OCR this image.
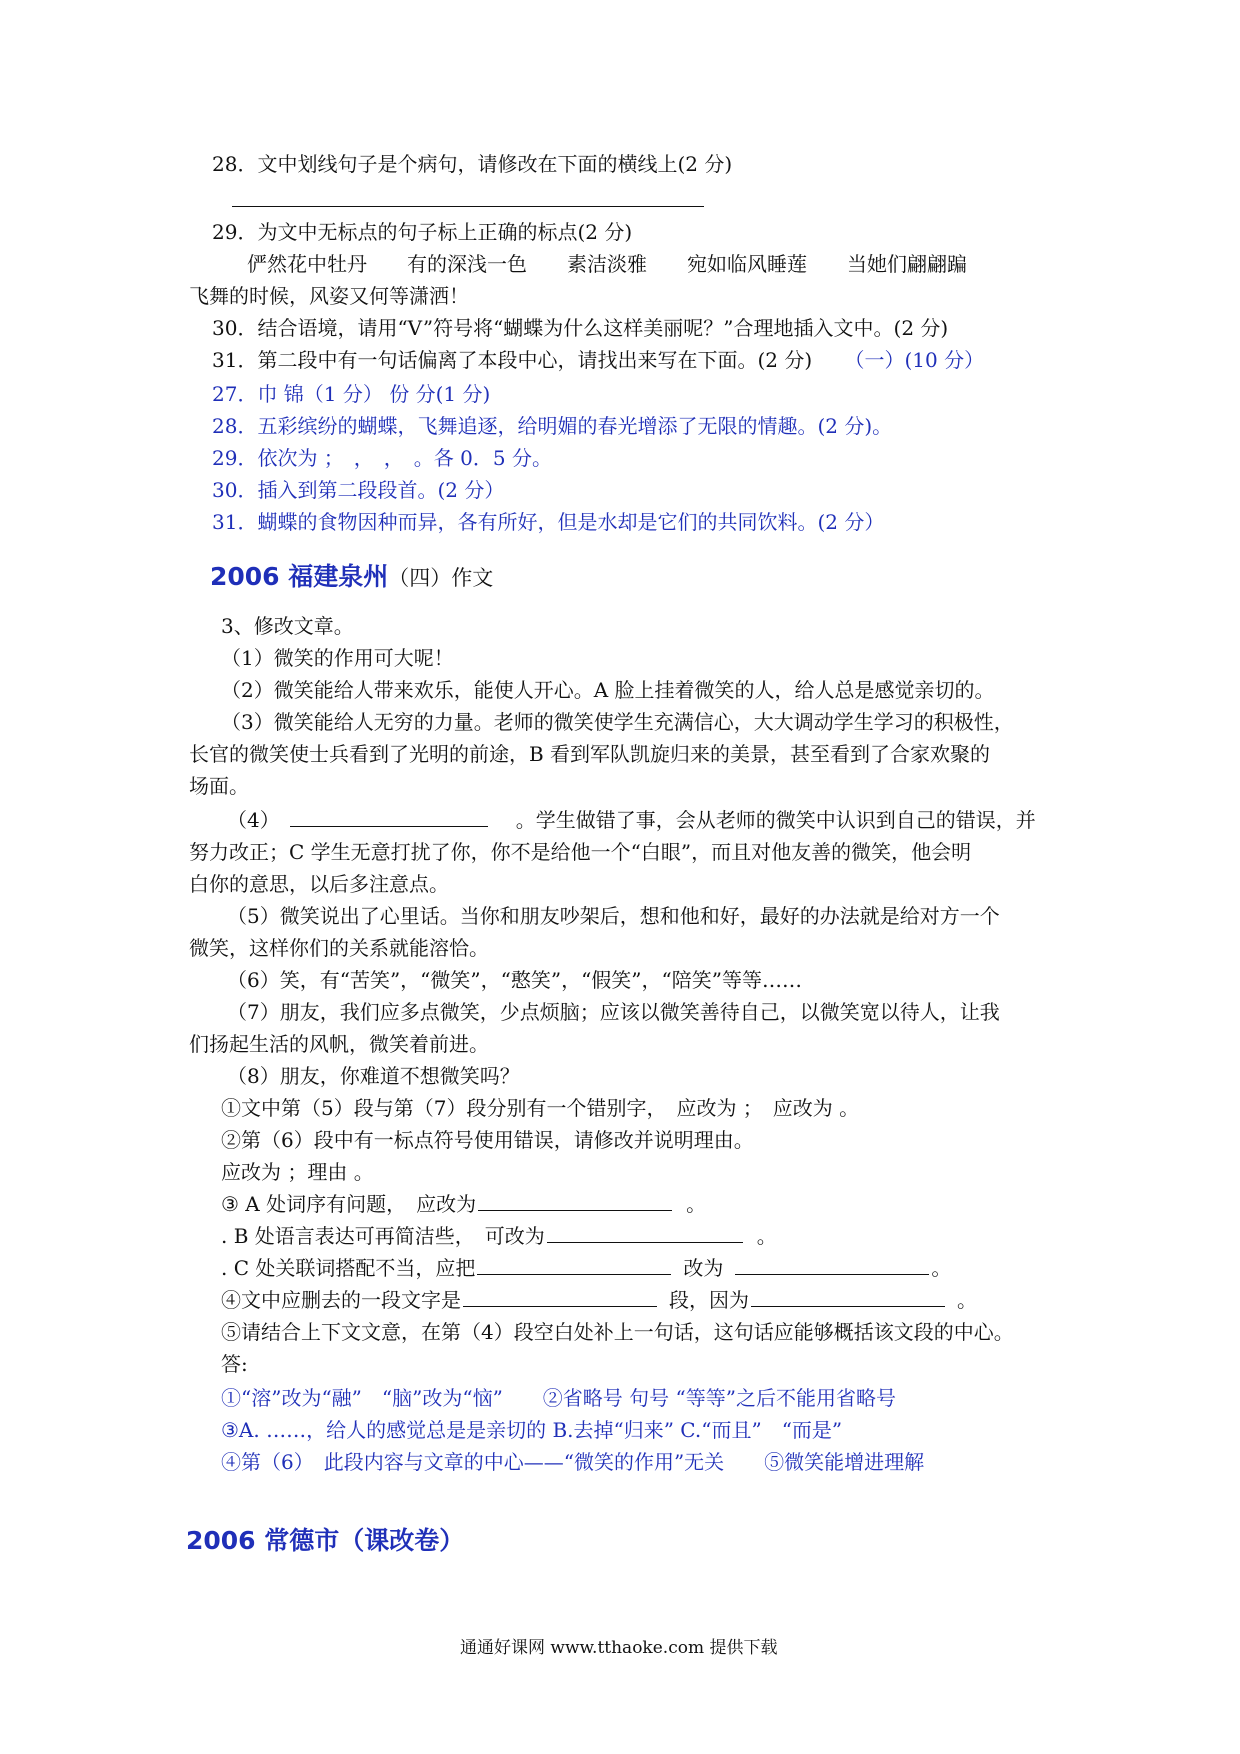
28．文中划线句子是个病句，请修改在下面的横线上(2 分)
29．为文中无标点的句子标上正确的标点(2 分)
俨然花中牡丹　　有的深浅一色　　素洁淡雅　　宛如临风睡莲　　当她们翩翩蹁
飞舞的时候，风姿又何等潇洒！
30．结合语境，请用“V”符号将“蝴蝶为什么这样美丽呢？”合理地插入文中。(2 分)
31．第二段中有一句话偏离了本段中心，请找出来写在下面。(2 分) （一）(10 分）
27．巾 锦（1 分） 份 分(1 分)
28．五彩缤纷的蝴蝶，飞舞追逐，给明媚的春光增添了无限的情趣。(2 分)。
29．依次为 ；　，　，　。各 0．5 分。
30．插入到第二段段首。(2 分）
31．蝴蝶的食物因种而异，各有所好，但是水却是它们的共同饮料。(2 分）
2006 福建泉州（四）作文
3、修改文章。
（1）微笑的作用可大呢！
（2）微笑能给人带来欢乐，能使人开心。A 脸上挂着微笑的人，给人总是感觉亲切的。
（3）微笑能给人无穷的力量。老师的微笑使学生充满信心，大大调动学生学习的积极性，
长官的微笑使士兵看到了光明的前途，B 看到军队凯旋归来的美景，甚至看到了合家欢聚的
场面。
（4）	。学生做错了事，会从老师的微笑中认识到自己的错误，并
努力改正；C 学生无意打扰了你，你不是给他一个“白眼”，而且对他友善的微笑，他会明
白你的意思，以后多注意点。
（5）微笑说出了心里话。当你和朋友吵架后，想和他和好，最好的办法就是给对方一个
微笑，这样你们的关系就能溶恰。
（6）笑，有“苦笑”，“微笑”，“憨笑”，“假笑”，“陪笑”等等……
（7）朋友，我们应多点微笑，少点烦脑；应该以微笑善待自己，以微笑宽以待人，让我
们扬起生活的风帆，微笑着前进。
（8）朋友，你难道不想微笑吗？
①文中第（5）段与第（7）段分别有一个错别字，　应改为 ；　应改为 。
②第（6）段中有一标点符号使用错误，请修改并说明理由。
应改为 ；理由 。
③ A 处词序有问题，　应改为	。
. B 处语言表达可再简洁些，　可改为	。
. C 处关联词搭配不当，应把	改为	。
④文中应删去的一段文字是	段，因为	。
⑤请结合上下文文意，在第（4）段空白处补上一句话，这句话应能够概括该文段的中心。
答:
①“溶”改为“融”　“脑”改为“恼”　　②省略号 句号 “等等”之后不能用省略号
③A. ……，给人的感觉总是是亲切的 B.去掉“归来” C.“而且”　“而是”
④第（6）　此段内容与文章的中心——“微笑的作用”无关　　⑤微笑能增进理解
2006 常德市（课改卷）
通通好课网 www.tthaoke.com 提供下载
